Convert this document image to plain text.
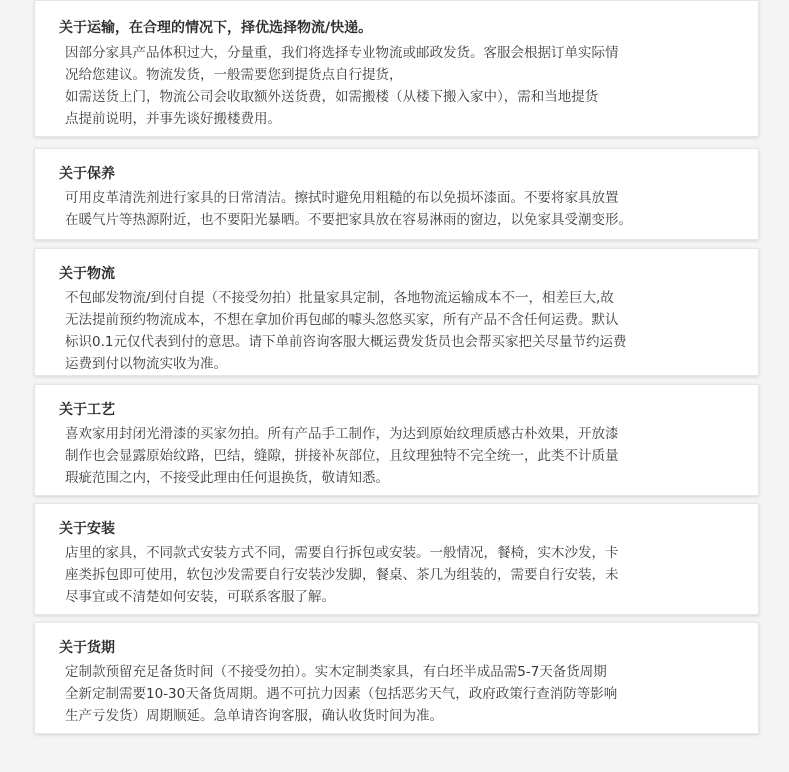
关于运输，在合理的情况下，择优选择物流/快递。
因部分家具产品体积过大，分量重，我们将选择专业物流或邮政发货。客服会根据订单实际情
况给您建议。物流发货，一般需要您到提货点自行提货，
如需送货上门，物流公司会收取额外送货费，如需搬楼（从楼下搬入家中），需和当地提货
点提前说明，并事先谈好搬楼费用。
关于保养
可用皮革清洗剂进行家具的日常清洁。擦拭时避免用粗糙的布以免损坏漆面。不要将家具放置
在暖气片等热源附近，也不要阳光暴晒。不要把家具放在容易淋雨的窗边，以免家具受潮变形。
关于物流
不包邮发物流/到付自提（不接受勿拍）批量家具定制，各地物流运输成本不一，相差巨大,故
无法提前预约物流成本，不想在拿加价再包邮的噱头忽悠买家，所有产品不含任何运费。默认
标识0.1元仅代表到付的意思。请下单前咨询客服大概运费发货员也会帮买家把关尽量节约运费
运费到付以物流实收为准。
关于工艺
喜欢家用封闭光滑漆的买家勿拍。所有产品手工制作，为达到原始纹理质感古朴效果，开放漆
制作也会显露原始纹路，巴结，缝隙，拼接补灰部位，且纹理独特不完全统一，此类不计质量
瑕疵范围之内，不接受此理由任何退换货，敬请知悉。
关于安装
店里的家具，不同款式安装方式不同，需要自行拆包或安装。一般情况，餐椅，实木沙发，卡
座类拆包即可使用，软包沙发需要自行安装沙发脚，餐桌、茶几为组装的，需要自行安装，未
尽事宜或不清楚如何安装，可联系客服了解。
关于货期
定制款预留充足备货时间（不接受勿拍）。实木定制类家具，有白坯半成品需5-7天备货周期
全新定制需要10-30天备货周期。遇不可抗力因素（包括恶劣天气，政府政策行查消防等影响
生产亏发货）周期顺延。急单请咨询客服，确认收货时间为准。
